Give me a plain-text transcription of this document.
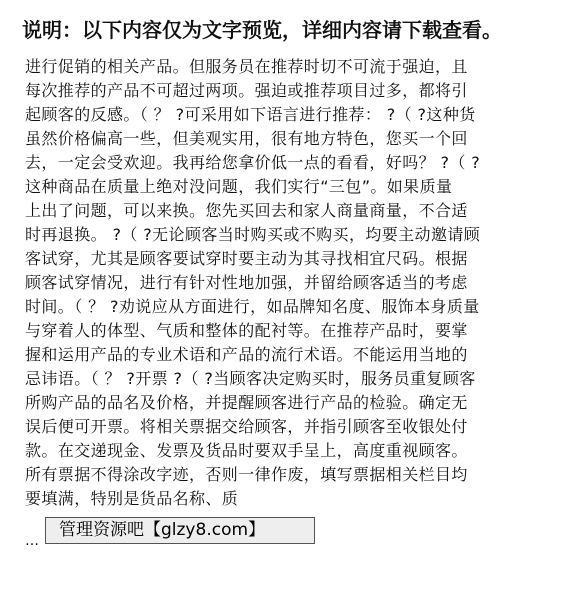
说明：以下内容仅为文字预览，详细内容请下载查看。
进行促销的相关产品。但服务员在推荐时切不可流于强迫，且
每次推荐的产品不可超过两项。强迫或推荐项目过多，都将引
起顾客的反感。（ ？ ?可采用如下语言进行推荐： ?（ ?这种货
虽然价格偏高一些，但美观实用，很有地方特色，您买一个回
去，一定会受欢迎。我再给您拿价低一点的看看，好吗？ ?（ ?
这种商品在质量上绝对没问题，我们实行“三包”。如果质量
上出了问题，可以来换。您先买回去和家人商量商量，不合适
时再退换。 ?（ ?无论顾客当时购买或不购买，均要主动邀请顾
客试穿，尤其是顾客要试穿时要主动为其寻找相宜尺码。根据
顾客试穿情况，进行有针对性地加强，并留给顾客适当的考虑
时间。（ ？ ?劝说应从方面进行，如品牌知名度、服饰本身质量
与穿着人的体型、气质和整体的配衬等。在推荐产品时，要掌
握和运用产品的专业术语和产品的流行术语。不能运用当地的
忌讳语。（ ？ ?开票 ?（ ?当顾客决定购买时，服务员重复顾客
所购产品的品名及价格，并提醒顾客进行产品的检验。确定无
误后便可开票。将相关票据交给顾客，并指引顾客至收银处付
款。在交递现金、发票及货品时要双手呈上，高度重视顾客。
所有票据不得涂改字迹，否则一律作废，填写票据相关栏目均
要填满，特别是货品名称、质
…
管理资源吧【glzy8.com】
